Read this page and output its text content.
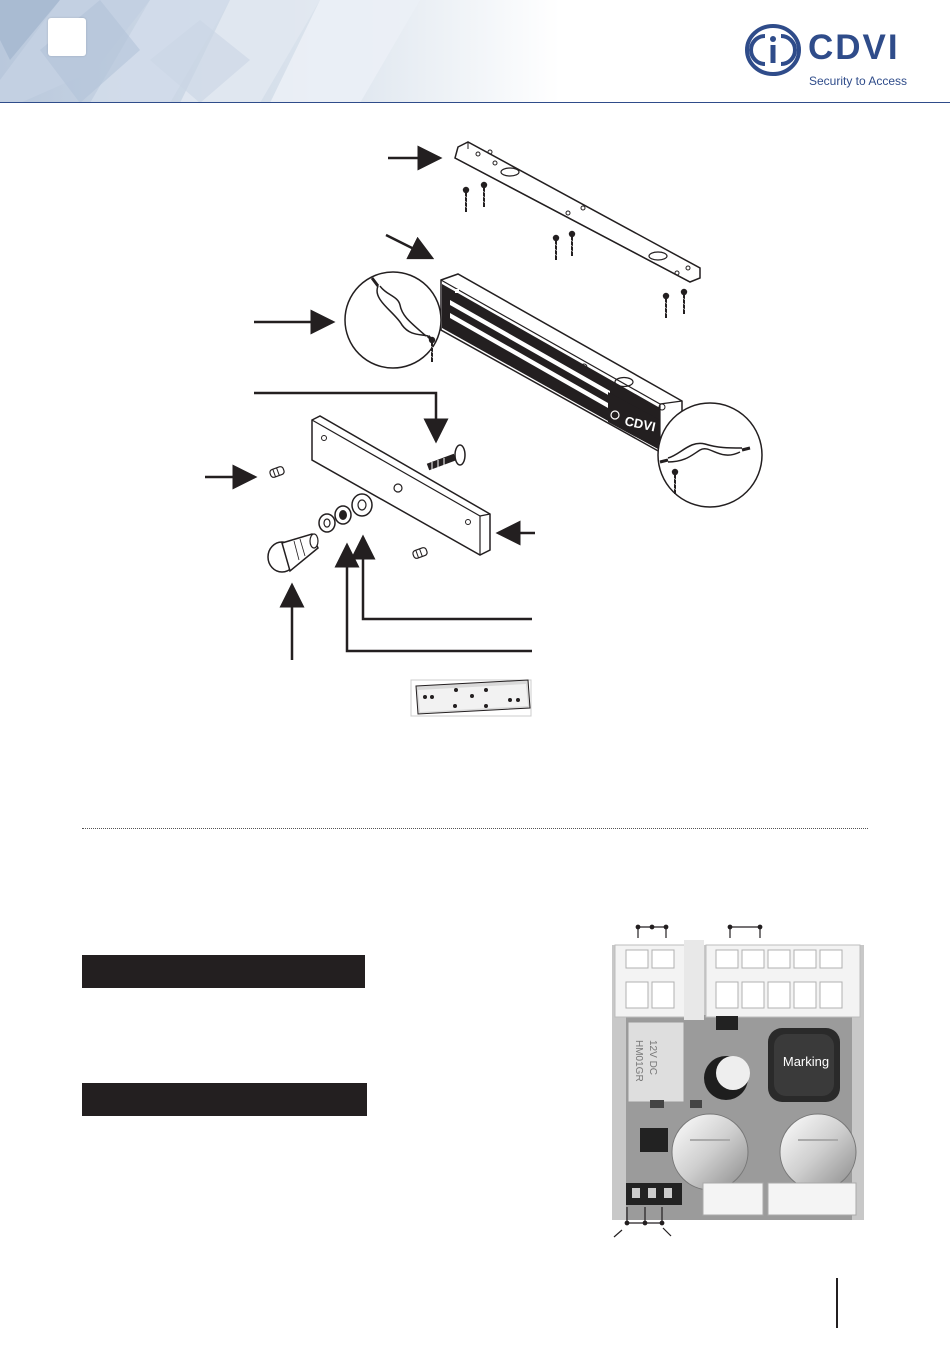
CDVI
Security to Access
CDVI
HM01GR 12V DC	Marking
